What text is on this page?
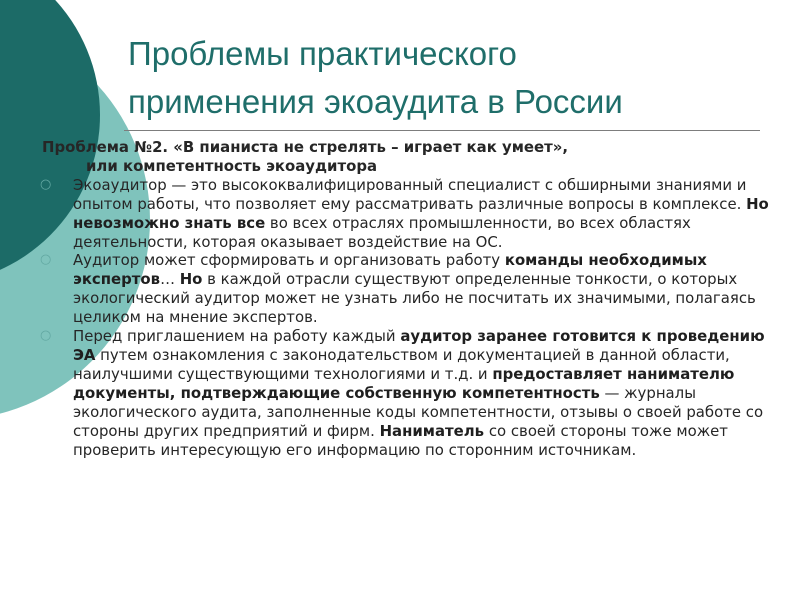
Проблемы практического
применения экоаудита в России
Проблема №2. «В пианиста не стрелять – играет как умеет»,
или компетентность экоаудитора
○ Экоаудитор — это высококвалифицированный специалист с обширными знаниями и опытом работы, что позволяет ему рассматривать различные вопросы в комплексе. Но невозможно знать все во всех отраслях промышленности, во всех областях деятельности, которая оказывает воздействие на ОС.
○ Аудитор может сформировать и организовать работу команды необходимых экспертов… Но в каждой отрасли существуют определенные тонкости, о которых экологический аудитор может не узнать либо не посчитать их значимыми, полагаясь целиком на мнение экспертов.
○ Перед приглашением на работу каждый аудитор заранее готовится к проведению ЭА путем ознакомления с законодательством и документацией в данной области, наилучшими существующими технологиями и т.д. и предоставляет нанимателю документы, подтверждающие собственную компетентность — журналы экологического аудита, заполненные коды компетентности, отзывы о своей работе со стороны других предприятий и фирм. Наниматель со своей стороны тоже может проверить интересующую его информацию по сторонним источникам.
